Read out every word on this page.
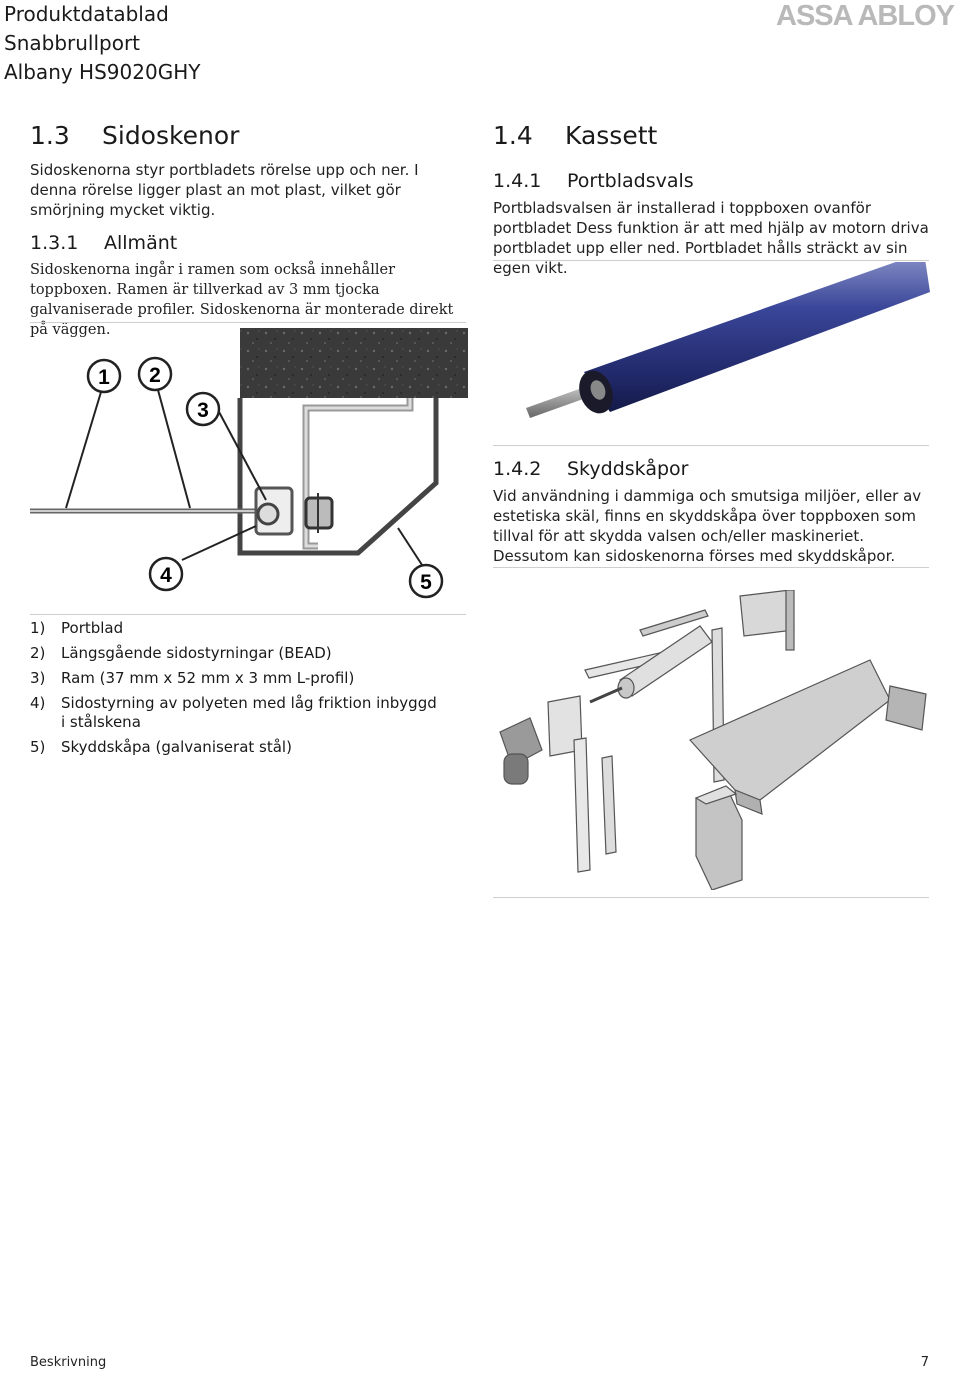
Produktdatablad
Snabbrullport
Albany HS9020GHY
ASSA ABLOY
1.3 Sidoskenor
Sidoskenorna styr portbladets rörelse upp och ner. I denna rörelse ligger plast an mot plast, vilket gör smörjning mycket viktig.
1.3.1 Allmänt
Sidoskenorna ingår i ramen som också innehåller toppboxen. Ramen är tillverkad av 3 mm tjocka galvaniserade profiler. Sidoskenorna är monterade direkt på väggen.
1 2
3
4	5
1)	Portblad
2)	Längsgående sidostyrningar (BEAD)
3)	Ram (37 mm x 52 mm x 3 mm L-profil)
4)	Sidostyrning av polyeten med låg friktion inbyggd i stålskena
5)	Skyddskåpa (galvaniserat stål)
1.4 Kassett
1.4.1 Portbladsvals
Portbladsvalsen är installerad i toppboxen ovanför portbladet Dess funktion är att med hjälp av motorn driva portbladet upp eller ned. Portbladet hålls sträckt av sin egen vikt.
1.4.2 Skyddskåpor
Vid användning i dammiga och smutsiga miljöer, eller av estetiska skäl, finns en skyddskåpa över toppboxen som tillval för att skydda valsen och/eller maskineriet. Dessutom kan sidoskenorna förses med skyddskåpor.
Beskrivning	7
